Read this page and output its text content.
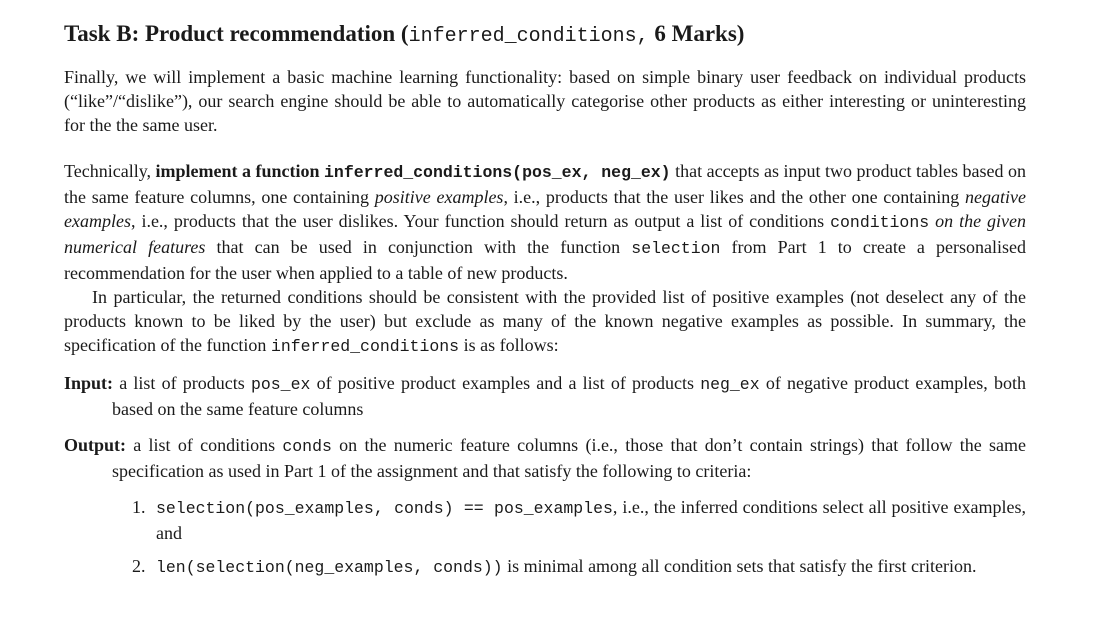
Task B: Product recommendation (inferred_conditions, 6 Marks)

Finally, we will implement a basic machine learning functionality: based on simple binary user feedback on individual products (“like”/“dislike”), our search engine should be able to automatically categorise other products as either interesting or uninteresting for the the same user.

Technically, implement a function inferred_conditions(pos_ex, neg_ex) that accepts as input two product tables based on the same feature columns, one containing positive examples, i.e., products that the user likes and the other one containing negative examples, i.e., products that the user dislikes. Your function should return as output a list of conditions conditions on the given numerical features that can be used in conjunction with the function selection from Part 1 to create a personalised recommendation for the user when applied to a table of new products.

In particular, the returned conditions should be consistent with the provided list of positive examples (not deselect any of the products known to be liked by the user) but exclude as many of the known negative examples as possible. In summary, the specification of the function inferred_conditions is as follows:

Input: a list of products pos_ex of positive product examples and a list of products neg_ex of negative product examples, both based on the same feature columns
Output: a list of conditions conds on the numeric feature columns (i.e., those that don’t contain strings) that follow the same specification as used in Part 1 of the assignment and that satisfy the following to criteria:
1. selection(pos_examples, conds) == pos_examples, i.e., the inferred conditions select all positive examples, and
2. len(selection(neg_examples, conds)) is minimal among all condition sets that satisfy the first criterion.
